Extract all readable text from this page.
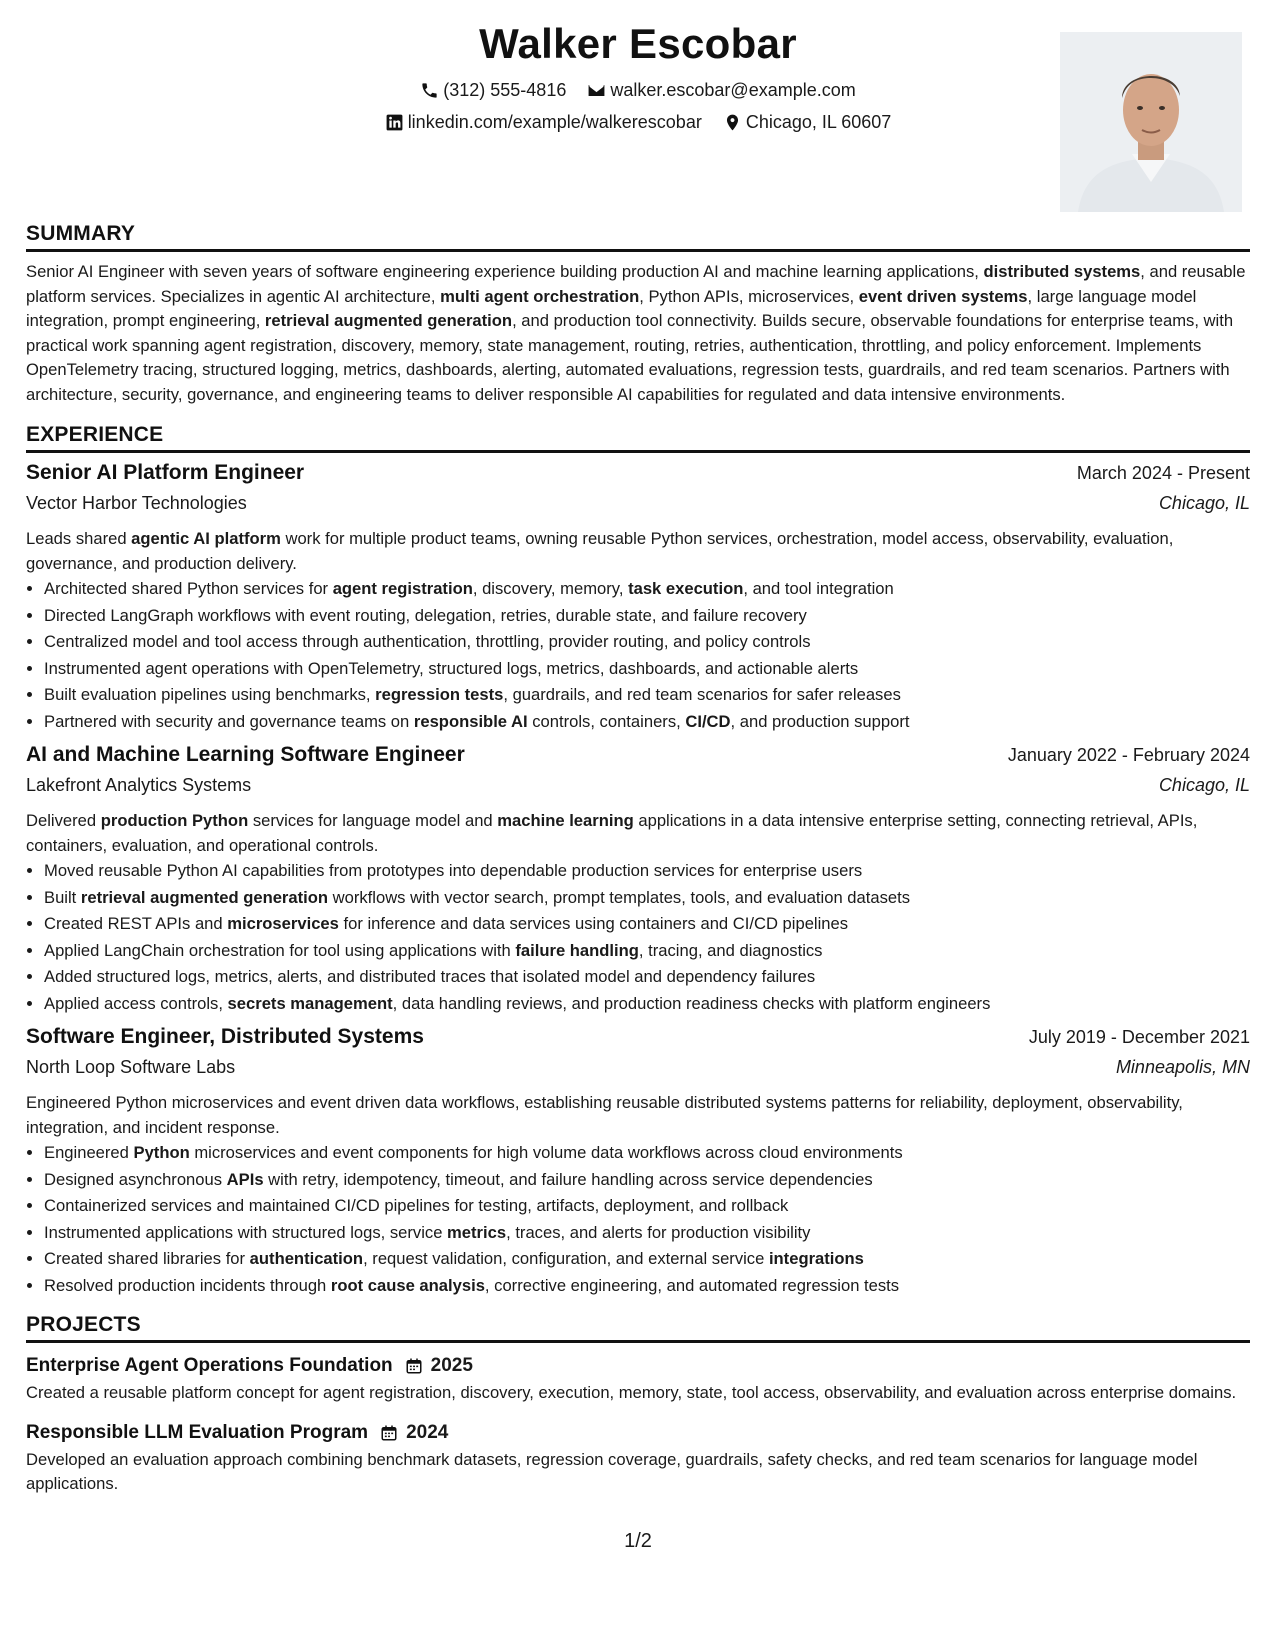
Walker Escobar
(312) 555-4816
walker.escobar@example.com
linkedin.com/example/walkerescobar
Chicago, IL 60607
SUMMARY

Senior AI Engineer with seven years of software engineering experience building production AI and machine learning applications, distributed systems, and reusable platform services. Specializes in agentic AI architecture, multi agent orchestration, Python APIs, microservices, event driven systems, large language model integration, prompt engineering, retrieval augmented generation, and production tool connectivity. Builds secure, observable foundations for enterprise teams, with practical work spanning agent registration, discovery, memory, state management, routing, retries, authentication, throttling, and policy enforcement. Implements OpenTelemetry tracing, structured logging, metrics, dashboards, alerting, automated evaluations, regression tests, guardrails, and red team scenarios. Partners with architecture, security, governance, and engineering teams to deliver responsible AI capabilities for regulated and data intensive environments.

EXPERIENCE
Senior AI Platform Engineer	March 2024 - Present
Vector Harbor Technologies	Chicago, IL

Leads shared agentic AI platform work for multiple product teams, owning reusable Python services, orchestration, model access, observability, evaluation, governance, and production delivery.

• Architected shared Python services for agent registration, discovery, memory, task execution, and tool integration
• Directed LangGraph workflows with event routing, delegation, retries, durable state, and failure recovery
• Centralized model and tool access through authentication, throttling, provider routing, and policy controls
• Instrumented agent operations with OpenTelemetry, structured logs, metrics, dashboards, and actionable alerts
• Built evaluation pipelines using benchmarks, regression tests, guardrails, and red team scenarios for safer releases
• Partnered with security and governance teams on responsible AI controls, containers, CI/CD, and production support
AI and Machine Learning Software Engineer	January 2022 - February 2024
Lakefront Analytics Systems	Chicago, IL

Delivered production Python services for language model and machine learning applications in a data intensive enterprise setting, connecting retrieval, APIs, containers, evaluation, and operational controls.

• Moved reusable Python AI capabilities from prototypes into dependable production services for enterprise users
• Built retrieval augmented generation workflows with vector search, prompt templates, tools, and evaluation datasets
• Created REST APIs and microservices for inference and data services using containers and CI/CD pipelines
• Applied LangChain orchestration for tool using applications with failure handling, tracing, and diagnostics
• Added structured logs, metrics, alerts, and distributed traces that isolated model and dependency failures
• Applied access controls, secrets management, data handling reviews, and production readiness checks with platform engineers
Software Engineer, Distributed Systems	July 2019 - December 2021
North Loop Software Labs	Minneapolis, MN

Engineered Python microservices and event driven data workflows, establishing reusable distributed systems patterns for reliability, deployment, observability, integration, and incident response.

• Engineered Python microservices and event components for high volume data workflows across cloud environments
• Designed asynchronous APIs with retry, idempotency, timeout, and failure handling across service dependencies
• Containerized services and maintained CI/CD pipelines for testing, artifacts, deployment, and rollback
• Instrumented applications with structured logs, service metrics, traces, and alerts for production visibility
• Created shared libraries for authentication, request validation, configuration, and external service integrations
• Resolved production incidents through root cause analysis, corrective engineering, and automated regression tests
PROJECTS
Enterprise Agent Operations Foundation 2025

Created a reusable platform concept for agent registration, discovery, execution, memory, state, tool access, observability, and evaluation across enterprise domains.

Responsible LLM Evaluation Program 2024

Developed an evaluation approach combining benchmark datasets, regression coverage, guardrails, safety checks, and red team scenarios for language model applications.

1/2
